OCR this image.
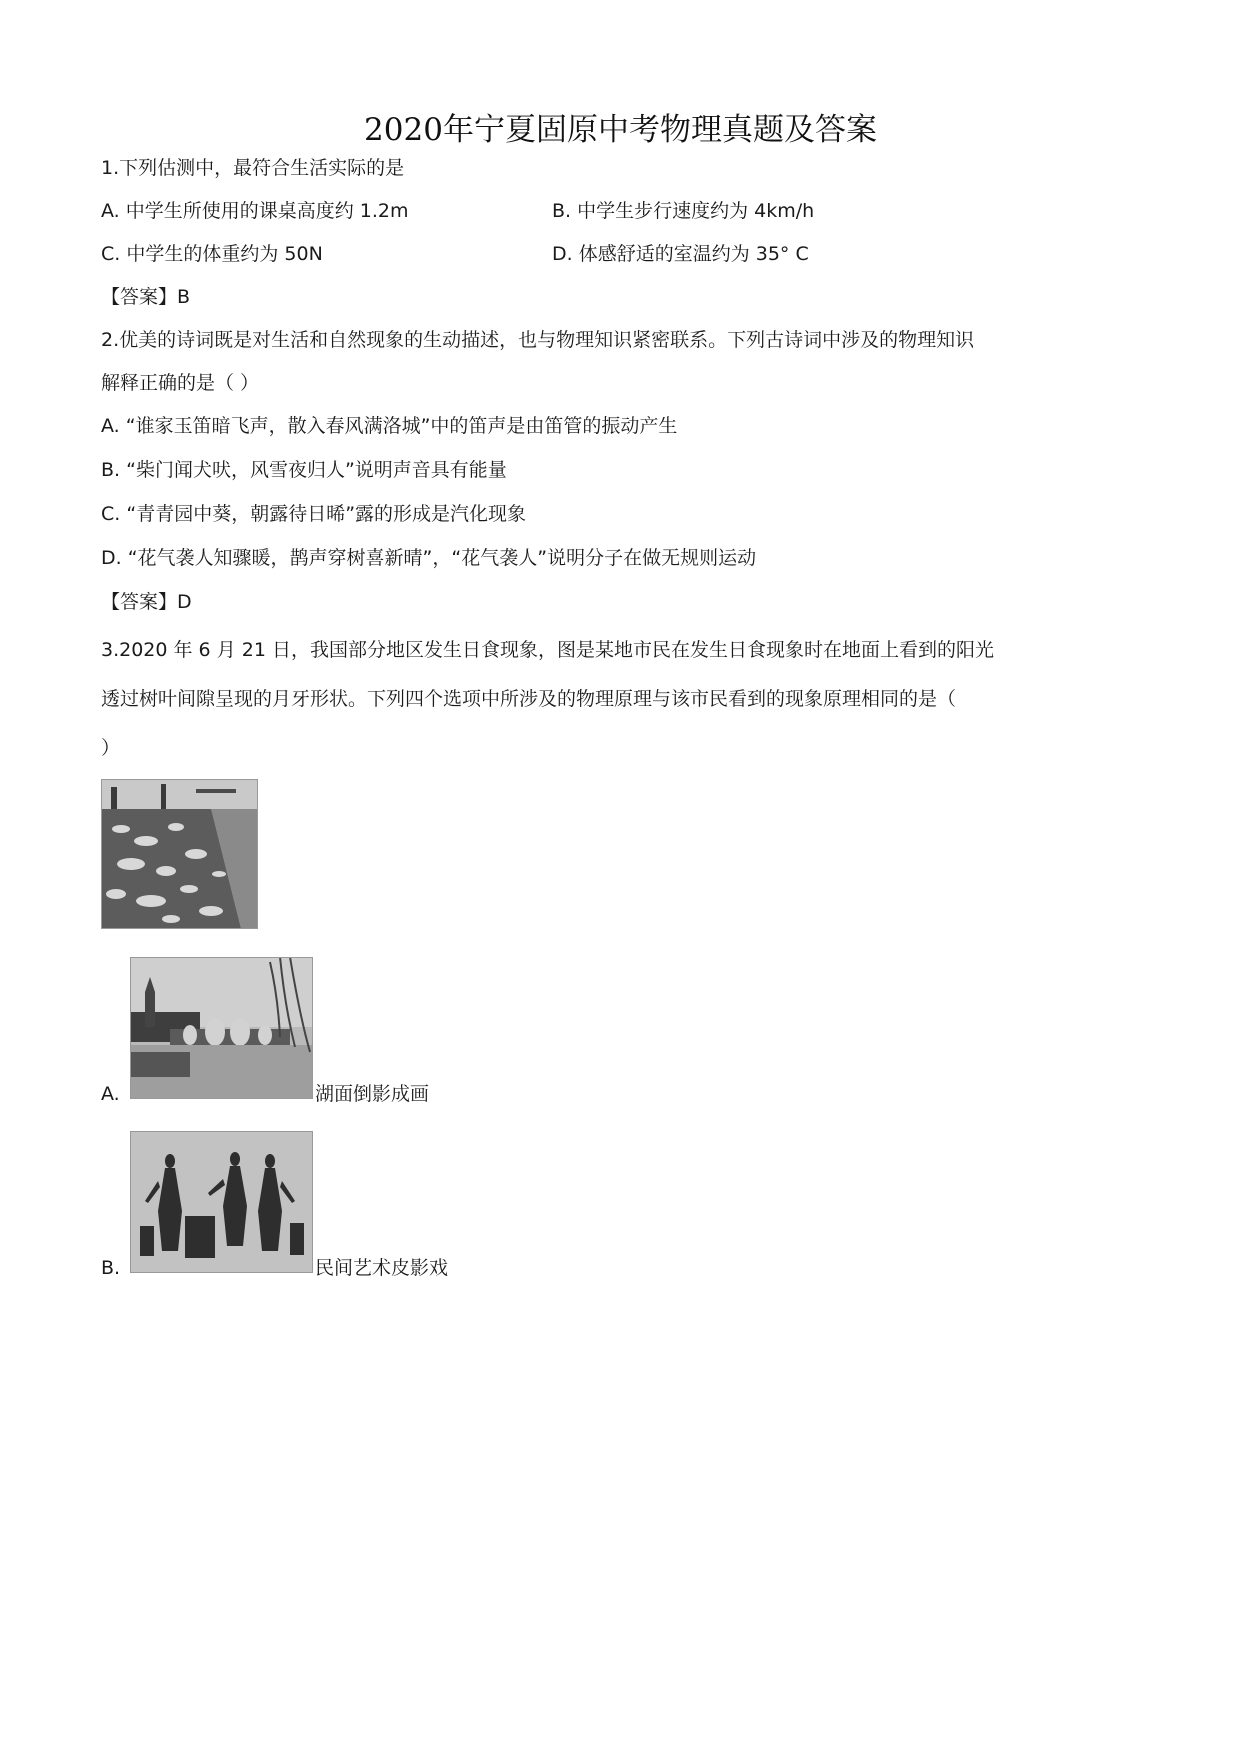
2020年宁夏固原中考物理真题及答案
1.下列估测中，最符合生活实际的是
A. 中学生所使用的课桌高度约 1.2m	B. 中学生步行速度约为 4km/h
C. 中学生的体重约为 50N	D. 体感舒适的室温约为 35° C
【答案】B
2.优美的诗词既是对生活和自然现象的生动描述，也与物理知识紧密联系。下列古诗词中涉及的物理知识
解释正确的是（ ）
A. “谁家玉笛暗飞声，散入春风满洛城”中的笛声是由笛管的振动产生
B. “柴门闻犬吠，风雪夜归人”说明声音具有能量
C. “青青园中葵，朝露待日晞”露的形成是汽化现象
D. “花气袭人知骤暖，鹊声穿树喜新晴”，“花气袭人”说明分子在做无规则运动
【答案】D
3.2020 年 6 月 21 日，我国部分地区发生日食现象，图是某地市民在发生日食现象时在地面上看到的阳光
透过树叶间隙呈现的月牙形状。下列四个选项中所涉及的物理原理与该市民看到的现象原理相同的是（
）
A.	湖面倒影成画
B.	民间艺术皮影戏
